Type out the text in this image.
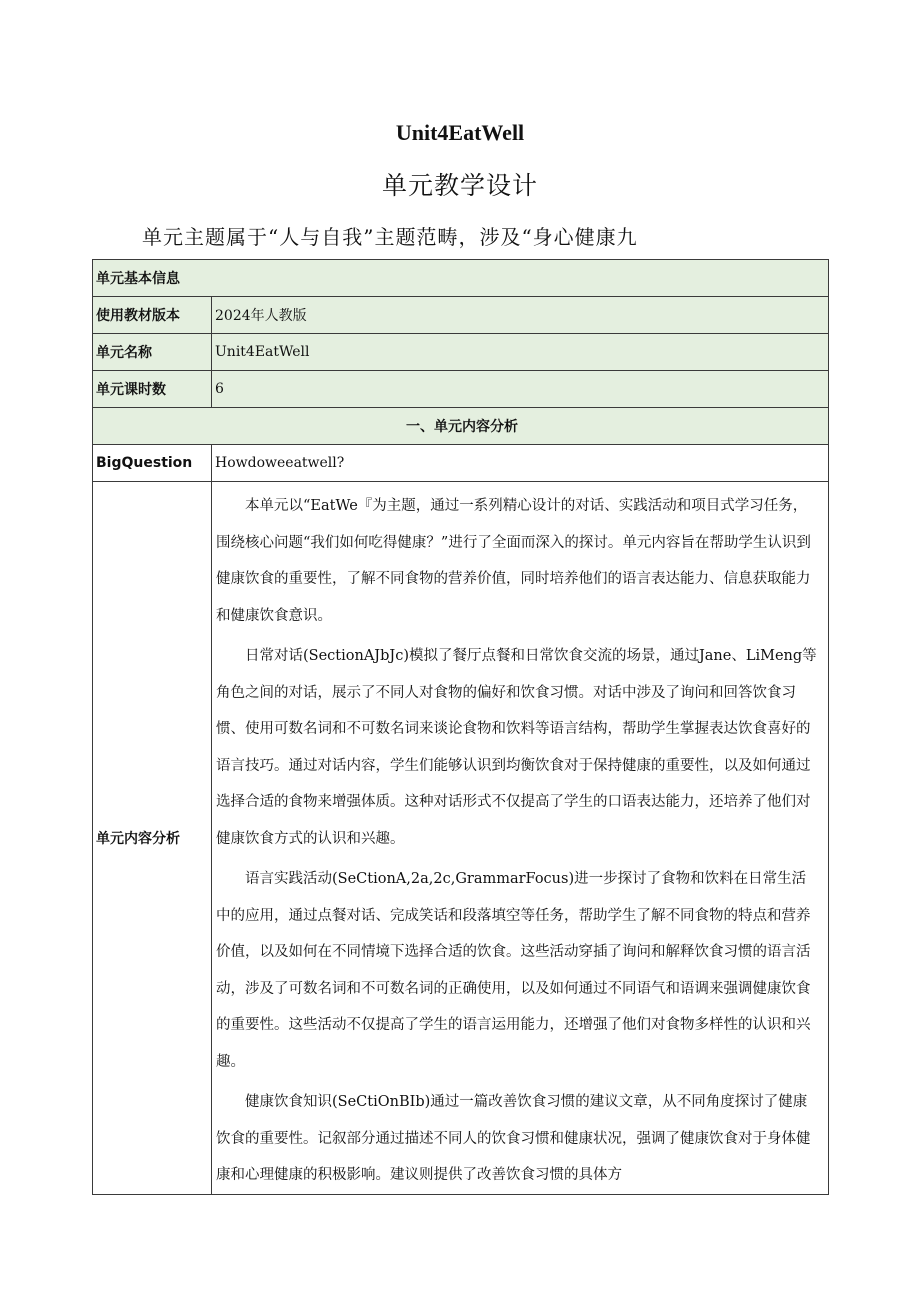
Unit4EatWell
单元教学设计
单元主题属于“人与自我”主题范畴，涉及“身心健康九
单元基本信息	
使用教材版本	2024年人教版
单元名称	Unit4EatWell
单元课时数	6
一、单元内容分析	
BigQuestion	Howdoweeatwell?
单元内容分析	本单元以“EatWe『为主题，通过一系列精心设计的对话、实践活动和项目式学习任务，围绕核心问题“我们如何吃得健康？”进行了全面而深入的探讨。单元内容旨在帮助学生认识到健康饮食的重要性，了解不同食物的营养价值，同时培养他们的语言表达能力、信息获取能力和健康饮食意识。

日常对话(SectionAJbJc)模拟了餐厅点餐和日常饮食交流的场景，通过Jane、LiMeng等角色之间的对话，展示了不同人对食物的偏好和饮食习惯。对话中涉及了询问和回答饮食习惯、使用可数名词和不可数名词来谈论食物和饮料等语言结构，帮助学生掌握表达饮食喜好的语言技巧。通过对话内容，学生们能够认识到均衡饮食对于保持健康的重要性，以及如何通过选择合适的食物来增强体质。这种对话形式不仅提高了学生的口语表达能力，还培养了他们对健康饮食方式的认识和兴趣。

语言实践活动(SeCtionA,2a,2c,GrammarFocus)进一步探讨了食物和饮料在日常生活中的应用，通过点餐对话、完成笑话和段落填空等任务，帮助学生了解不同食物的特点和营养价值，以及如何在不同情境下选择合适的饮食。这些活动穿插了询问和解释饮食习惯的语言活动，涉及了可数名词和不可数名词的正确使用，以及如何通过不同语气和语调来强调健康饮食的重要性。这些活动不仅提高了学生的语言运用能力，还增强了他们对食物多样性的认识和兴趣。

健康饮食知识(SeCtiOnBIb)通过一篇改善饮食习惯的建议文章，从不同角度探讨了健康饮食的重要性。记叙部分通过描述不同人的饮食习惯和健康状况，强调了健康饮食对于身体健康和心理健康的积极影响。建议则提供了改善饮食习惯的具体方
